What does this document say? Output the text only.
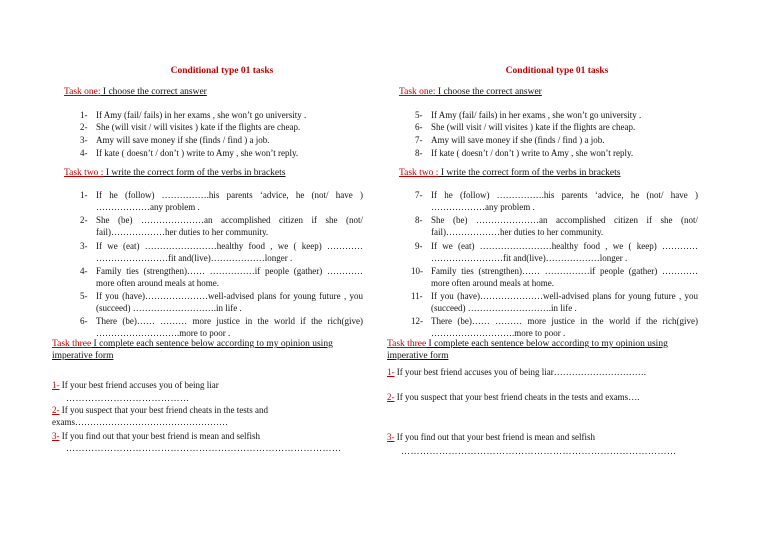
Conditional type 01 tasks
Task one: I choose the correct answer
1- If Amy (fail/ fails) in her exams , she won’t go university .
2- She (will visit / will visites ) kate if the flights are cheap.
3- Amy will save money if she (finds / find ) a job.
4- If kate ( doesn’t / don’t ) write to Amy , she won’t reply.
Task two : I write the correct form of the verbs in brackets
1- If he (follow) …………….his parents ‘advice, he (not/ have ) ………………any problem .
2- She (be) …………………an accomplished citizen if she (not/ fail)………………her duties to her community.
3- If we (eat) ……………………healthy food , we ( keep) ………… ……………………fit and(live)………………longer .
4- Family ties (strengthen)…… ……………if people (gather) …………more often around meals at home.
5- If you (have)…………………well-advised plans for young future , you (succeed) ……………………….in life .
6- There (be)…… ……… more justice in the world if the rich(give) ……………………….more to poor .
Task three I complete each sentence below according to my opinion using imperative form
1- If your best friend accuses you of being liar
…………………………………
2- If you suspect that your best friend cheats in the tests and exams……………………………………………
3- If you find out that your best friend is mean and selfish
……………………………………………………………………………
Conditional type 01 tasks
Task one: I choose the correct answer
5- If Amy (fail/ fails) in her exams , she won’t go university .
6- She (will visit / will visites ) kate if the flights are cheap.
7- Amy will save money if she (finds / find ) a job.
8- If kate ( doesn’t / don’t ) write to Amy , she won’t reply.
Task two : I write the correct form of the verbs in brackets
7- If he (follow) …………….his parents ‘advice, he (not/ have ) ………………any problem .
8- She (be) …………………an accomplished citizen if she (not/ fail)………………her duties to her community.
9- If we (eat) ……………………healthy food , we ( keep) ………… ……………………fit and(live)………………longer .
10- Family ties (strengthen)…… ……………if people (gather) …………more often around meals at home.
11- If you (have)…………………well-advised plans for young future , you (succeed) ……………………….in life .
12- There (be)…… ……… more justice in the world if the rich(give) ……………………….more to poor .
Task three I complete each sentence below according to my opinion using imperative form
1- If your best friend accuses you of being liar………………………….
2- If you suspect that your best friend cheats in the tests and exams….
3- If you find out that your best friend is mean and selfish
……………………………………………………………………………
